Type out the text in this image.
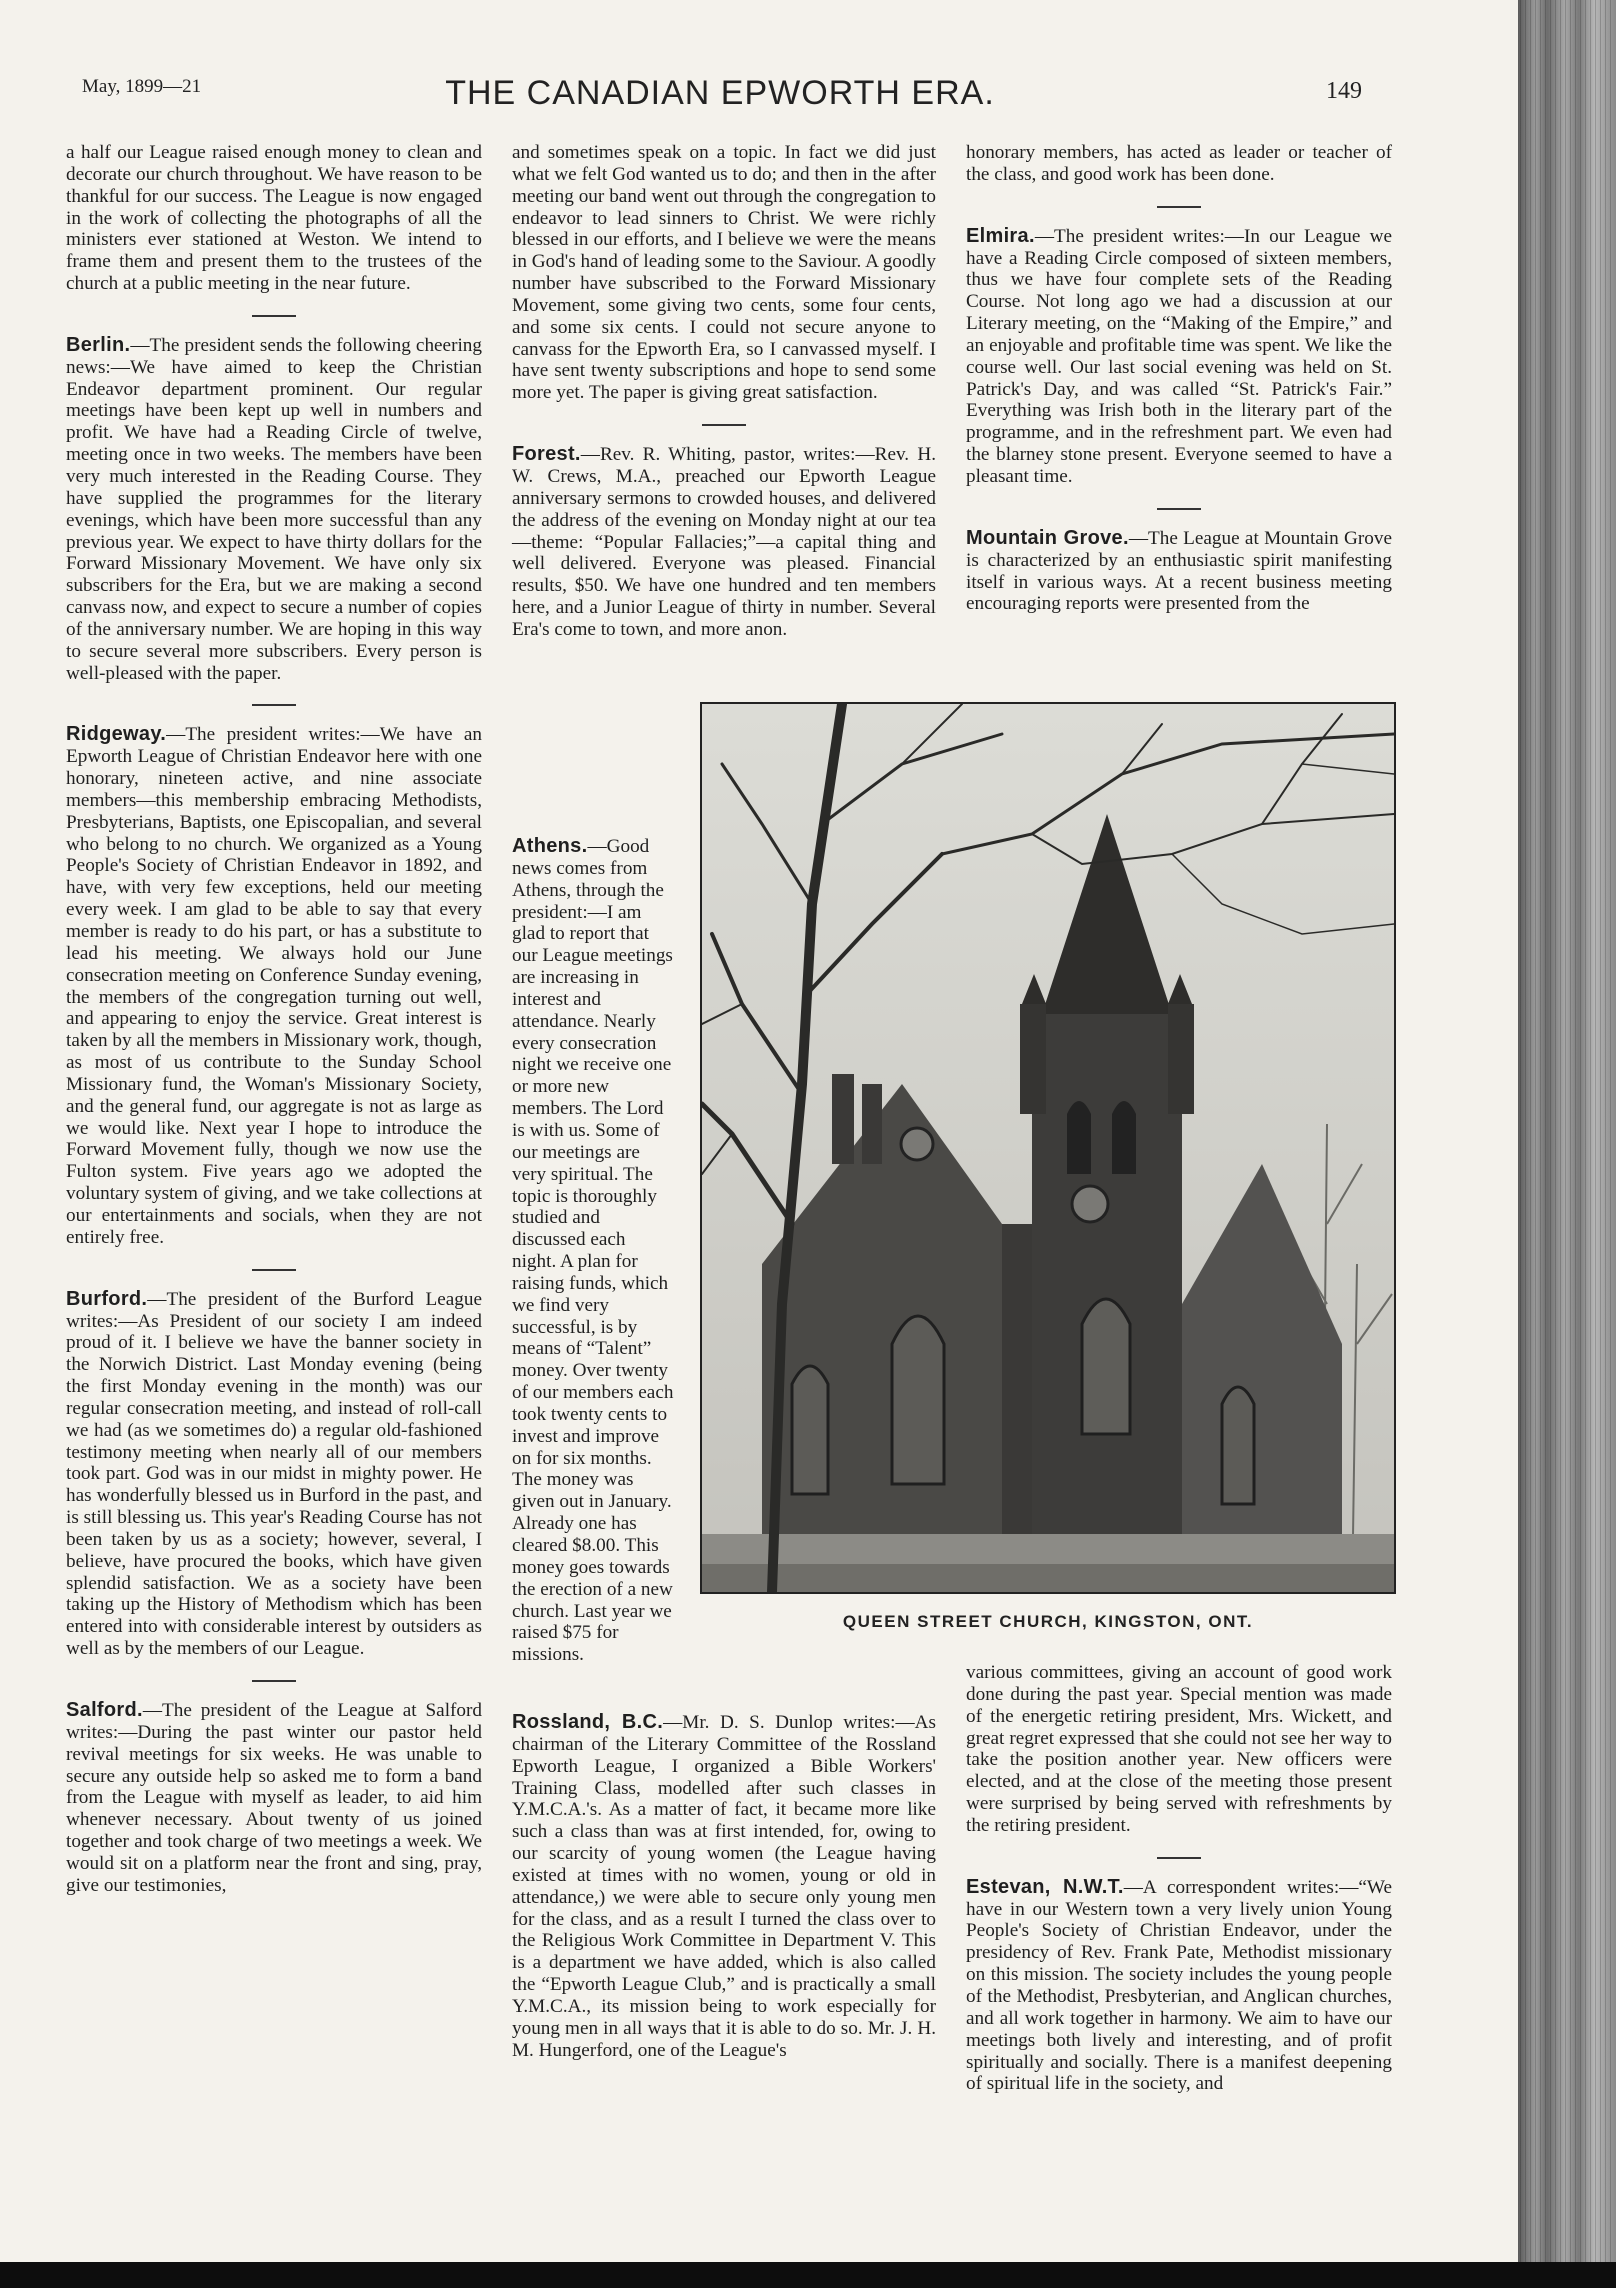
May, 1899—21	THE CANADIAN EPWORTH ERA.	149

a half our League raised enough money to clean and decorate our church throughout. We have reason to be thankful for our success. The League is now engaged in the work of collecting the photographs of all the ministers ever stationed at Weston. We intend to frame them and present them to the trustees of the church at a public meeting in the near future.

Berlin.—The president sends the following cheering news:—We have aimed to keep the Christian Endeavor department prominent. Our regular meetings have been kept up well in numbers and profit. We have had a Reading Circle of twelve, meeting once in two weeks. The members have been very much interested in the Reading Course. They have supplied the programmes for the literary evenings, which have been more successful than any previous year. We expect to have thirty dollars for the Forward Missionary Movement. We have only six subscribers for the Era, but we are making a second canvass now, and expect to secure a number of copies of the anniversary number. We are hoping in this way to secure several more subscribers. Every person is well-pleased with the paper.

Ridgeway.—The president writes:—We have an Epworth League of Christian Endeavor here with one honorary, nineteen active, and nine associate members—this membership embracing Methodists, Presbyterians, Baptists, one Episcopalian, and several who belong to no church. We organized as a Young People's Society of Christian Endeavor in 1892, and have, with very few exceptions, held our meeting every week. I am glad to be able to say that every member is ready to do his part, or has a substitute to lead his meeting. We always hold our June consecration meeting on Conference Sunday evening, the members of the congregation turning out well, and appearing to enjoy the service. Great interest is taken by all the members in Missionary work, though, as most of us contribute to the Sunday School Missionary fund, the Woman's Missionary Society, and the general fund, our aggregate is not as large as we would like. Next year I hope to introduce the Forward Movement fully, though we now use the Fulton system. Five years ago we adopted the voluntary system of giving, and we take collections at our entertainments and socials, when they are not entirely free.

Burford.—The president of the Burford League writes:—As President of our society I am indeed proud of it. I believe we have the banner society in the Norwich District. Last Monday evening (being the first Monday evening in the month) was our regular consecration meeting, and instead of roll-call we had (as we sometimes do) a regular old-fashioned testimony meeting when nearly all of our members took part. God was in our midst in mighty power. He has wonderfully blessed us in Burford in the past, and is still blessing us. This year's Reading Course has not been taken by us as a society; however, several, I believe, have procured the books, which have given splendid satisfaction. We as a society have been taking up the History of Methodism which has been entered into with considerable interest by outsiders as well as by the members of our League.

Salford.—The president of the League at Salford writes:—During the past winter our pastor held revival meetings for six weeks. He was unable to secure any outside help so asked me to form a band from the League with myself as leader, to aid him whenever necessary. About twenty of us joined together and took charge of two meetings a week. We would sit on a platform near the front and sing, pray, give our testimonies,

and sometimes speak on a topic. In fact we did just what we felt God wanted us to do; and then in the after meeting our band went out through the congregation to endeavor to lead sinners to Christ. We were richly blessed in our efforts, and I believe we were the means in God's hand of leading some to the Saviour. A goodly number have subscribed to the Forward Missionary Movement, some giving two cents, some four cents, and some six cents. I could not secure anyone to canvass for the Epworth Era, so I canvassed myself. I have sent twenty subscriptions and hope to send some more yet. The paper is giving great satisfaction.

Forest.—Rev. R. Whiting, pastor, writes:—Rev. H. W. Crews, M.A., preached our Epworth League anniversary sermons to crowded houses, and delivered the address of the evening on Monday night at our tea—theme: “Popular Fallacies;”—a capital thing and well delivered. Everyone was pleased. Financial results, $50. We have one hundred and ten members here, and a Junior League of thirty in number. Several Era's come to town, and more anon.

Athens.—Good news comes from Athens, through the president:—I am glad to report that our League meetings are increasing in interest and attendance. Nearly every consecration night we receive one or more new members. The Lord is with us. Some of our meetings are very spiritual. The topic is thoroughly studied and discussed each night. A plan for raising funds, which we find very successful, is by means of “Talent” money. Over twenty of our members each took twenty cents to invest and improve on for six months. The money was given out in January. Already one has cleared $8.00. This money goes towards the erection of a new church. Last year we raised $75 for missions.

Rossland, B.C.—Mr. D. S. Dunlop writes:—As chairman of the Literary Committee of the Rossland Epworth League, I organized a Bible Workers' Training Class, modelled after such classes in Y.M.C.A.'s. As a matter of fact, it became more like such a class than was at first intended, for, owing to our scarcity of young women (the League having existed at times with no women, young or old in attendance,) we were able to secure only young men for the class, and as a result I turned the class over to the Religious Work Committee in Department V. This is a department we have added, which is also called the “Epworth League Club,” and is practically a small Y.M.C.A., its mission being to work especially for young men in all ways that it is able to do so. Mr. J. H. M. Hungerford, one of the League's

honorary members, has acted as leader or teacher of the class, and good work has been done.

Elmira.—The president writes:—In our League we have a Reading Circle composed of sixteen members, thus we have four complete sets of the Reading Course. Not long ago we had a discussion at our Literary meeting, on the “Making of the Empire,” and an enjoyable and profitable time was spent. We like the course well. Our last social evening was held on St. Patrick's Day, and was called “St. Patrick's Fair.” Everything was Irish both in the literary part of the programme, and in the refreshment part. We even had the blarney stone present. Everyone seemed to have a pleasant time.

Mountain Grove.—The League at Mountain Grove is characterized by an enthusiastic spirit manifesting itself in various ways. At a recent business meeting encouraging reports were presented from the

various committees, giving an account of good work done during the past year. Special mention was made of the energetic retiring president, Mrs. Wickett, and great regret expressed that she could not see her way to take the position another year. New officers were elected, and at the close of the meeting those present were surprised by being served with refreshments by the retiring president.

Estevan, N.W.T.—A correspondent writes:—“We have in our Western town a very lively union Young People's Society of Christian Endeavor, under the presidency of Rev. Frank Pate, Methodist missionary on this mission. The society includes the young people of the Methodist, Presbyterian, and Anglican churches, and all work together in harmony. We aim to have our meetings both lively and interesting, and of profit spiritually and socially. There is a manifest deepening of spiritual life in the society, and

QUEEN STREET CHURCH, KINGSTON, ONT.
